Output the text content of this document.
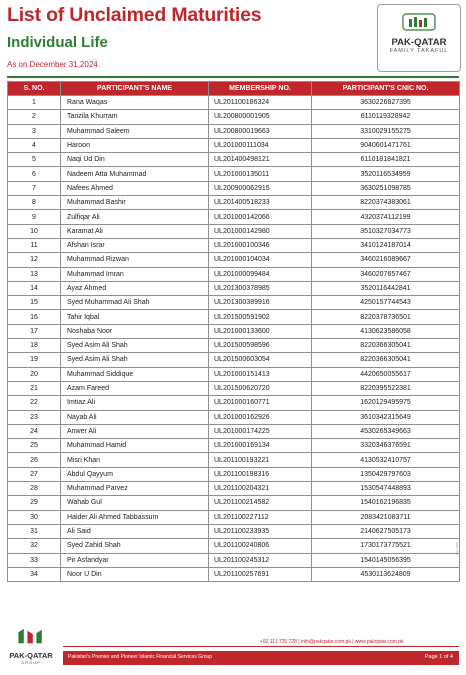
List of Unclaimed Maturities
Individual Life
As on December 31,2024
PAK-QATAR
FAMILY TAKAFUL
S. NO.	PARTICIPANT'S NAME	MEMBERSHIP NO.	PARTICIPANT'S CNIC NO.
1	Rana Waqas	UL201100186324	3630226827395
2	Tanzila Khurram	UL200800001905	6110119328942
3	Muhammad Saleem	UL200800019663	3310029155275
4	Haroon	UL201000111034	9040601471761
5	Naqi Ud Din	UL201400498121	6110181841821
6	Nadeem Atta Muhammad	UL201000135011	3520116534959
7	Nafees Ahmed	UL200900062915	3630251098785
8	Muhammad Bashir	UL201400518233	8220374383061
9	Zulfiqar Ali	UL201000142066	4320374112199
10	Karamat Ali	UL201000142980	3510327034773
11	Afshan Israr	UL201000100346	3410124187014
12	Muhammad Rizwan	UL201000104034	3460216089667
13	Muhammad Imran	UL201000099484	3460207657467
14	Ayaz Ahmed	UL201300378985	3520116442841
15	Syed Muhammad Ali Shah	UL201300389916	4250157744543
16	Tahir Iqbal	UL201500591902	8220378736501
17	Noshaba Noor	UL201000133600	4130623586058
18	Syed Asim Ali Shah	UL201500598596	8220366305041
19	Syed Asim Ali Shah	UL201500603054	8220366305041
20	Muhammad Siddique	UL201000151413	4420650055617
21	Azam Fareed	UL201500620720	8220395522381
22	Imtiaz Ali	UL201000160771	1620129495975
23	Nayab Ali	UL201000162926	3610342315649
24	Anwer Ali	UL201000174225	4530265349663
25	Muhammad Hamid	UL201000169134	3320346376591
26	Misri Khan	UL201100193221	4130532410757
27	Abdul Qayyum	UL201100198316	1350429797603
28	Muhammad Parvez	UL201100204321	1530547448893
29	Wahab Gul	UL201100214582	1540162196835
30	Haider Ali Ahmed Tabbassum	UL201100227112	2083421083711
31	Ali Said	UL201100233935	2140627505173
32	Syed Zahid Shah	UL201100240806	1730173775521
33	Pir Asfandyar	UL201100245312	1540145056395
34	Noor U Din	UL201100257691	4530113624809
Sep 2025
PAK-QATAR
GROUP
+92 111 725 728 | info@pakqatar.com.pk | www.pakqatar.com.pk
Pakistan's Premier and Pioneer Islamic Financial Services Group	Page 1 of 4
